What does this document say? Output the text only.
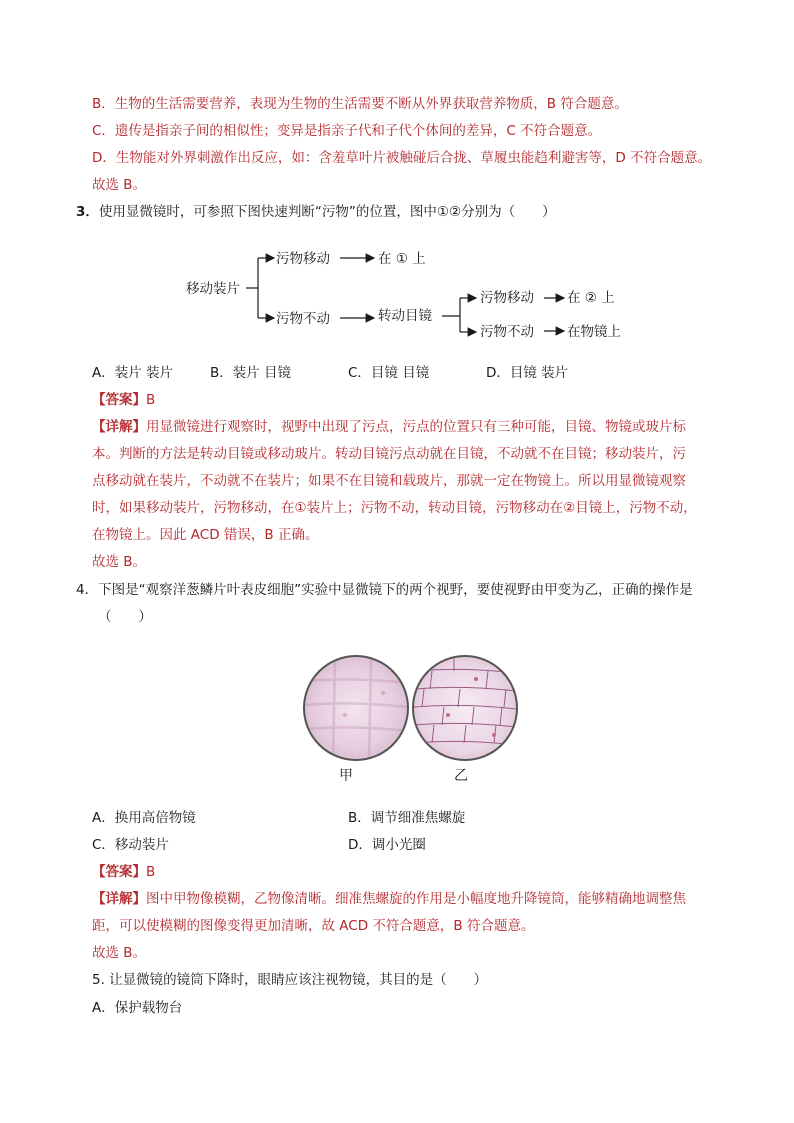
B．生物的生活需要营养，表现为生物的生活需要不断从外界获取营养物质，B 符合题意。
C．遗传是指亲子间的相似性；变异是指亲子代和子代个体间的差异，C 不符合题意。
D．生物能对外界刺激作出反应，如：含羞草叶片被触碰后合拢、草履虫能趋利避害等，D 不符合题意。
故选 B。
3．使用显微镜时，可参照下图快速判断“污物”的位置，图中①②分别为（　　）
移动装片
污物移动	在 ① 上
污物不动	转动目镜
污物移动 在 ② 上
污物不动 在物镜上
A．装片 装片	B．装片 目镜	C．目镜 目镜	D．目镜 装片
【答案】B
【详解】用显微镜进行观察时，视野中出现了污点，污点的位置只有三种可能，目镜、物镜或玻片标
本。判断的方法是转动目镜或移动玻片。转动目镜污点动就在目镜，不动就不在目镜；移动装片，污
点移动就在装片，不动就不在装片；如果不在目镜和载玻片，那就一定在物镜上。所以用显微镜观察
时，如果移动装片，污物移动，在①装片上；污物不动，转动目镜，污物移动在②目镜上，污物不动，
在物镜上。因此 ACD 错误，B 正确。
故选 B。
4．下图是“观察洋葱鳞片叶表皮细胞”实验中显微镜下的两个视野，要使视野由甲变为乙，正确的操作是
（　　）
甲	乙
A．换用高倍物镜	B．调节细准焦螺旋
C．移动装片	D．调小光圈
【答案】B
【详解】图中甲物像模糊，乙物像清晰。细准焦螺旋的作用是小幅度地升降镜筒，能够精确地调整焦
距，可以使模糊的图像变得更加清晰，故 ACD 不符合题意，B 符合题意。
故选 B。
5. 让显微镜的镜筒下降时，眼睛应该注视物镜，其目的是（　　）
A．保护载物台
